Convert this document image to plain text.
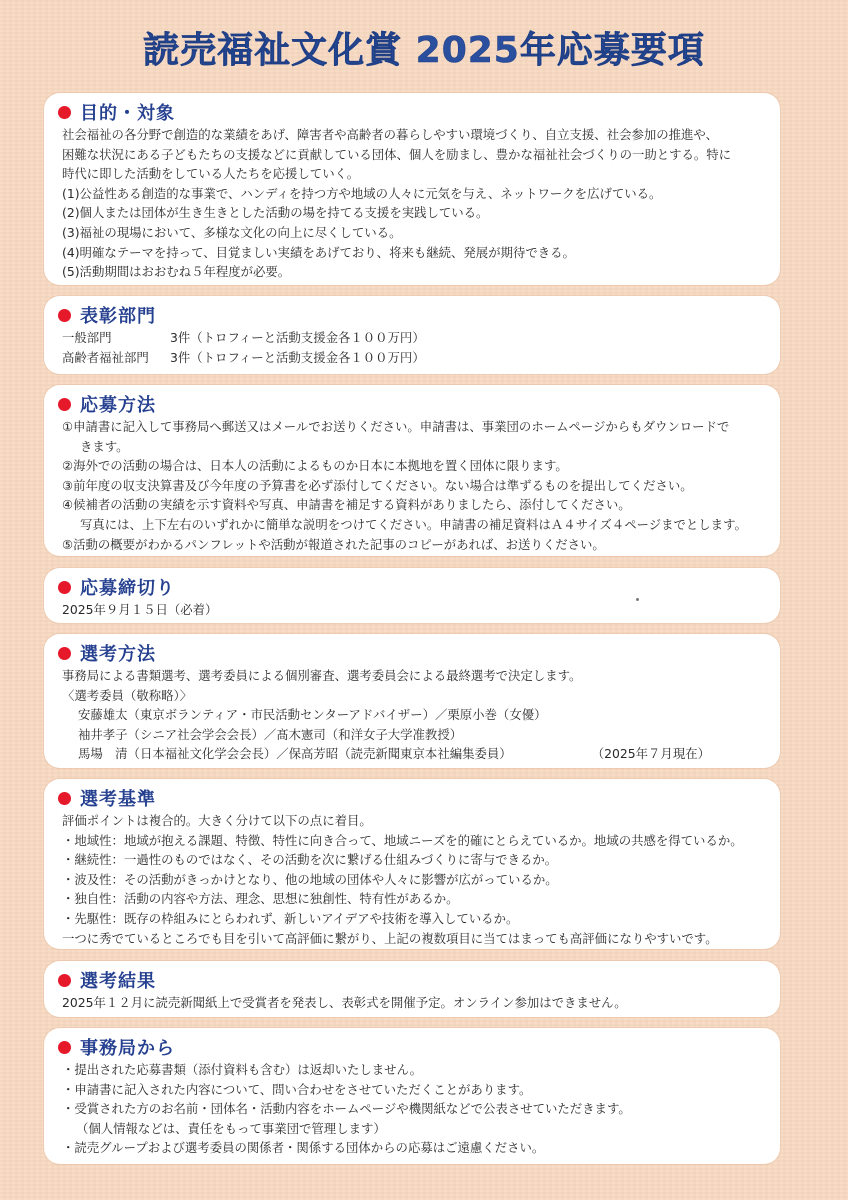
読売福祉文化賞 2025年応募要項
目的・対象
社会福祉の各分野で創造的な業績をあげ、障害者や高齢者の暮らしやすい環境づくり、自立支援、社会参加の推進や、
困難な状況にある子どもたちの支援などに貢献している団体、個人を励まし、豊かな福祉社会づくりの一助とする。特に
時代に即した活動をしている人たちを応援していく。
(1)公益性ある創造的な事業で、ハンディを持つ方や地域の人々に元気を与え、ネットワークを広げている。
(2)個人または団体が生き生きとした活動の場を持てる支援を実践している。
(3)福祉の現場において、多様な文化の向上に尽くしている。
(4)明確なテーマを持って、目覚ましい実績をあげており、将来も継続、発展が期待できる。
(5)活動期間はおおむね５年程度が必要。
表彰部門
一般部門	3件（トロフィーと活動支援金各１００万円）
高齢者福祉部門	3件（トロフィーと活動支援金各１００万円）
応募方法
①申請書に記入して事務局へ郵送又はメールでお送りください。申請書は、事業団のホームページからもダウンロードで
きます。
②海外での活動の場合は、日本人の活動によるものか日本に本拠地を置く団体に限ります。
③前年度の収支決算書及び今年度の予算書を必ず添付してください。ない場合は準ずるものを提出してください。
④候補者の活動の実績を示す資料や写真、申請書を補足する資料がありましたら、添付してください。
写真には、上下左右のいずれかに簡単な説明をつけてください。申請書の補足資料はＡ４サイズ４ページまでとします。
⑤活動の概要がわかるパンフレットや活動が報道された記事のコピーがあれば、お送りください。
応募締切り
2025年９月１５日（必着）
選考方法
事務局による書類選考、選考委員による個別審査、選考委員会による最終選考で決定します。
〈選考委員（敬称略）〉
安藤雄太（東京ボランティア・市民活動センターアドバイザー）／栗原小巻（女優）
袖井孝子（シニア社会学会会長）／髙木憲司（和洋女子大学准教授）
馬場　清（日本福祉文化学会会長）／保高芳昭（読売新聞東京本社編集委員）	（2025年７月現在）
選考基準
評価ポイントは複合的。大きく分けて以下の点に着目。
・地域性：地域が抱える課題、特徴、特性に向き合って、地域ニーズを的確にとらえているか。地域の共感を得ているか。
・継続性：一過性のものではなく、その活動を次に繋げる仕組みづくりに寄与できるか。
・波及性：その活動がきっかけとなり、他の地域の団体や人々に影響が広がっているか。
・独自性：活動の内容や方法、理念、思想に独創性、特有性があるか。
・先駆性：既存の枠組みにとらわれず、新しいアイデアや技術を導入しているか。
一つに秀でているところでも目を引いて高評価に繋がり、上記の複数項目に当てはまっても高評価になりやすいです。
選考結果
2025年１２月に読売新聞紙上で受賞者を発表し、表彰式を開催予定。オンライン参加はできません。
事務局から
・提出された応募書類（添付資料も含む）は返却いたしません。
・申請書に記入された内容について、問い合わせをさせていただくことがあります。
・受賞された方のお名前・団体名・活動内容をホームページや機関紙などで公表させていただきます。
（個人情報などは、責任をもって事業団で管理します）
・読売グループおよび選考委員の関係者・関係する団体からの応募はご遠慮ください。
